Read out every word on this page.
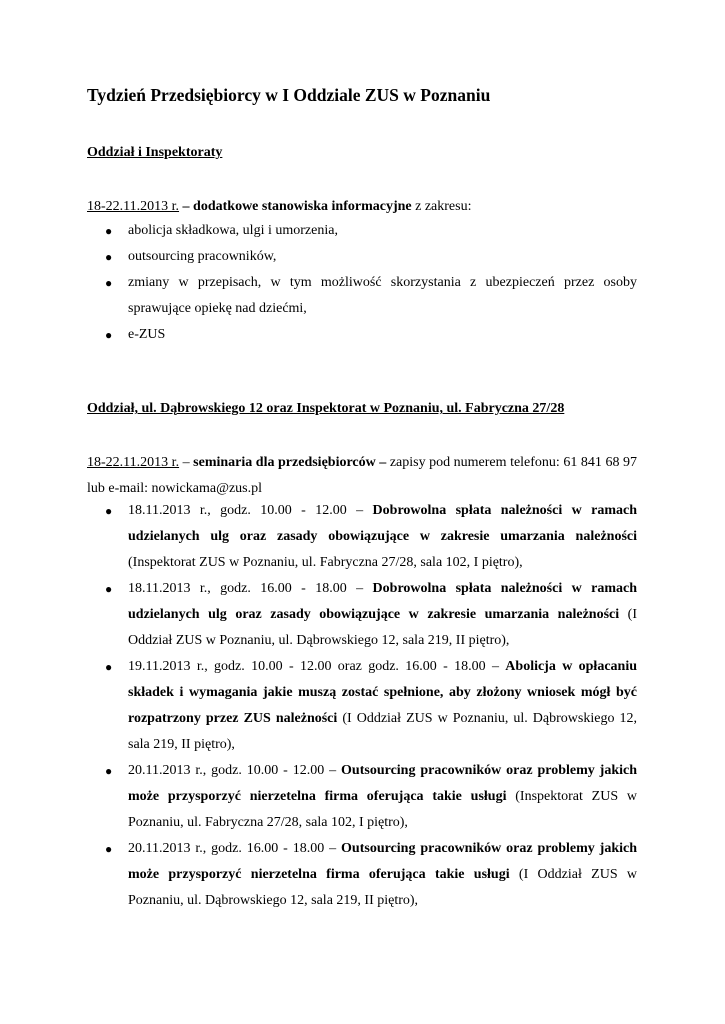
Tydzień Przedsiębiorcy w I Oddziale ZUS w Poznaniu

Oddział i Inspektoraty

18-22.11.2013 r. – dodatkowe stanowiska informacyjne z zakresu:

● abolicja składkowa, ulgi i umorzenia,
● outsourcing pracowników,
● zmiany w przepisach, w tym możliwość skorzystania z ubezpieczeń przez osoby sprawujące opiekę nad dziećmi,
● e-ZUS

Oddział, ul. Dąbrowskiego 12 oraz Inspektorat w Poznaniu, ul. Fabryczna 27/28

18-22.11.2013 r. – seminaria dla przedsiębiorców – zapisy pod numerem telefonu: 61 841 68 97 lub e-mail: nowickama@zus.pl

● 18.11.2013 r., godz. 10.00 - 12.00 – Dobrowolna spłata należności w ramach udzielanych ulg oraz zasady obowiązujące w zakresie umarzania należności (Inspektorat ZUS w Poznaniu, ul. Fabryczna 27/28, sala 102, I piętro),
● 18.11.2013 r., godz. 16.00 - 18.00 – Dobrowolna spłata należności w ramach udzielanych ulg oraz zasady obowiązujące w zakresie umarzania należności (I Oddział ZUS w Poznaniu, ul. Dąbrowskiego 12, sala 219, II piętro),
● 19.11.2013 r., godz. 10.00 - 12.00 oraz godz. 16.00 - 18.00 – Abolicja w opłacaniu składek i wymagania jakie muszą zostać spełnione, aby złożony wniosek mógł być rozpatrzony przez ZUS należności (I Oddział ZUS w Poznaniu, ul. Dąbrowskiego 12, sala 219, II piętro),
● 20.11.2013 r., godz. 10.00 - 12.00 – Outsourcing pracowników oraz problemy jakich może przysporzyć nierzetelna firma oferująca takie usługi (Inspektorat ZUS w Poznaniu, ul. Fabryczna 27/28, sala 102, I piętro),
● 20.11.2013 r., godz. 16.00 - 18.00 – Outsourcing pracowników oraz problemy jakich może przysporzyć nierzetelna firma oferująca takie usługi (I Oddział ZUS w Poznaniu, ul. Dąbrowskiego 12, sala 219, II piętro),
